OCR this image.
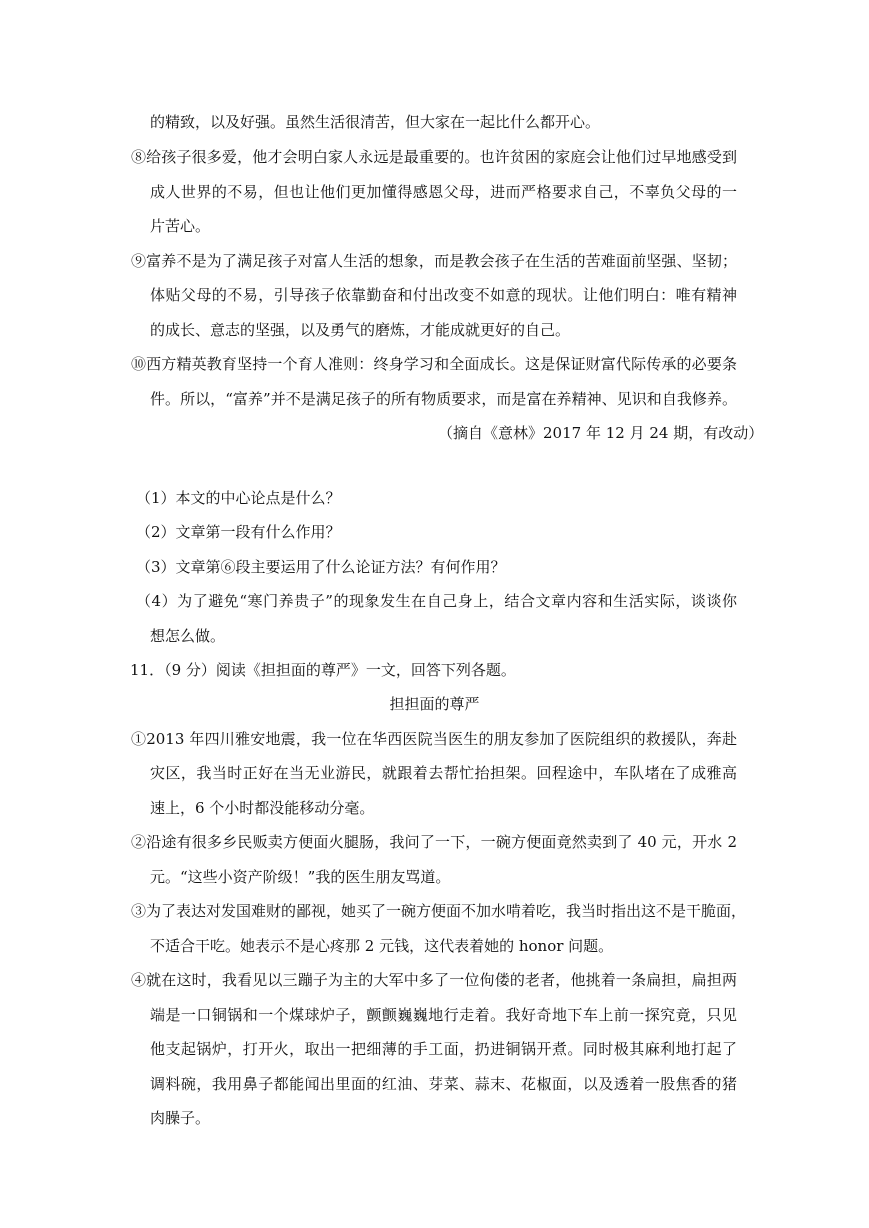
的精致，以及好强。虽然生活很清苦，但大家在一起比什么都开心。
⑧给孩子很多爱，他才会明白家人永远是最重要的。也许贫困的家庭会让他们过早地感受到
成人世界的不易，但也让他们更加懂得感恩父母，进而严格要求自己，不辜负父母的一
片苦心。
⑨富养不是为了满足孩子对富人生活的想象，而是教会孩子在生活的苦难面前坚强、坚韧；
体贴父母的不易，引导孩子依靠勤奋和付出改变不如意的现状。让他们明白：唯有精神
的成长、意志的坚强，以及勇气的磨炼，才能成就更好的自己。
⑩西方精英教育坚持一个育人准则：终身学习和全面成长。这是保证财富代际传承的必要条
件。所以，“富养”并不是满足孩子的所有物质要求，而是富在养精神、见识和自我修养。
（摘自《意林》2017 年 12 月 24 期，有改动）
（1）本文的中心论点是什么？
（2）文章第一段有什么作用？
（3）文章第⑥段主要运用了什么论证方法？有何作用？
（4）为了避免“寒门养贵子”的现象发生在自己身上，结合文章内容和生活实际，谈谈你
想怎么做。
11．（9 分）阅读《担担面的尊严》一文，回答下列各题。
担担面的尊严
①2013 年四川雅安地震，我一位在华西医院当医生的朋友参加了医院组织的救援队，奔赴
灾区，我当时正好在当无业游民，就跟着去帮忙抬担架。回程途中，车队堵在了成雅高
速上，6 个小时都没能移动分毫。
②沿途有很多乡民贩卖方便面火腿肠，我问了一下，一碗方便面竟然卖到了 40 元，开水 2
元。“这些小资产阶级！”我的医生朋友骂道。
③为了表达对发国难财的鄙视，她买了一碗方便面不加水啃着吃，我当时指出这不是干脆面，
不适合干吃。她表示不是心疼那 2 元钱，这代表着她的 honor 问题。
④就在这时，我看见以三蹦子为主的大军中多了一位佝偻的老者，他挑着一条扁担，扁担两
端是一口铜锅和一个煤球炉子，颤颤巍巍地行走着。我好奇地下车上前一探究竟，只见
他支起锅炉，打开火，取出一把细薄的手工面，扔进铜锅开煮。同时极其麻利地打起了
调料碗，我用鼻子都能闻出里面的红油、芽菜、蒜末、花椒面，以及透着一股焦香的猪
肉臊子。
